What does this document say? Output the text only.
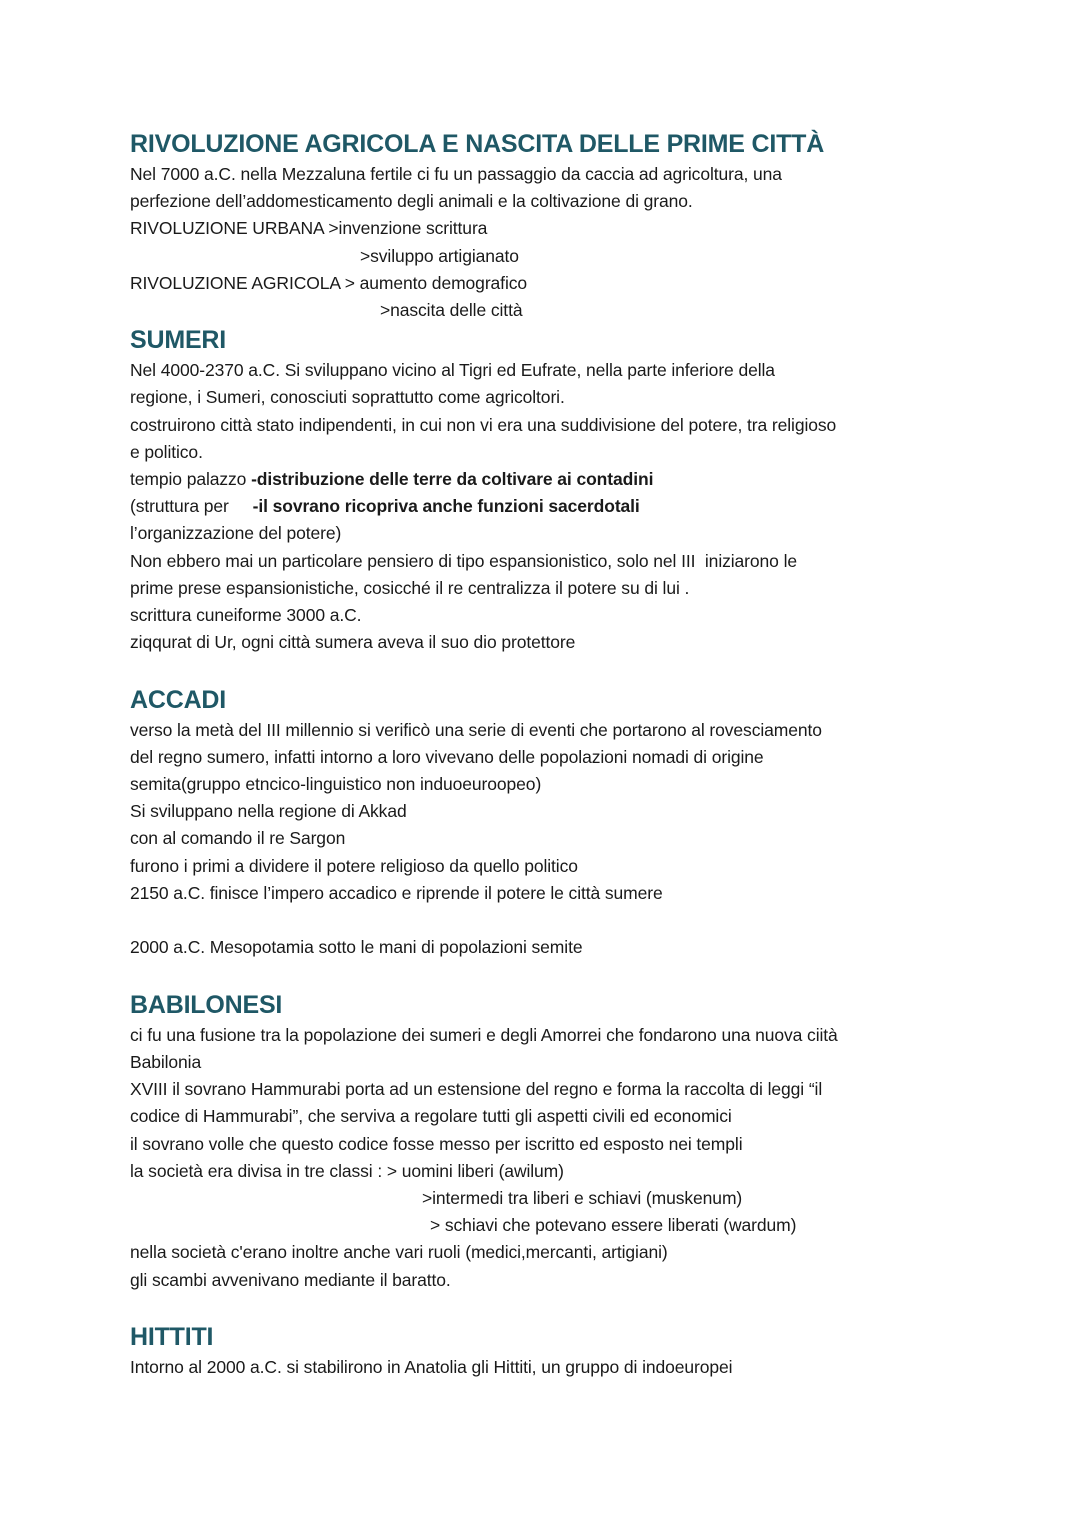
RIVOLUZIONE AGRICOLA E NASCITA DELLE PRIME CITTÀ
Nel 7000 a.C. nella Mezzaluna fertile ci fu un passaggio da caccia ad agricoltura, una
perfezione dell’addomesticamento degli animali e la coltivazione di grano.
RIVOLUZIONE URBANA >invenzione scrittura
>sviluppo artigianato
RIVOLUZIONE AGRICOLA > aumento demografico
>nascita delle città
SUMERI
Nel 4000-2370 a.C. Si sviluppano vicino al Tigri ed Eufrate, nella parte inferiore della
regione, i Sumeri, conosciuti soprattutto come agricoltori.
costruirono città stato indipendenti, in cui non vi era una suddivisione del potere, tra religioso
e politico.
tempio palazzo -distribuzione delle terre da coltivare ai contadini
(struttura per     -il sovrano ricopriva anche funzioni sacerdotali
l’organizzazione del potere)
Non ebbero mai un particolare pensiero di tipo espansionistico, solo nel III  iniziarono le
prime prese espansionistiche, cosicché il re centralizza il potere su di lui .
scrittura cuneiforme 3000 a.C.
ziqqurat di Ur, ogni città sumera aveva il suo dio protettore

ACCADI
verso la metà del III millennio si verificò una serie di eventi che portarono al rovesciamento
del regno sumero, infatti intorno a loro vivevano delle popolazioni nomadi di origine
semita(gruppo etncico-linguistico non induoeuroopeo)
Si sviluppano nella regione di Akkad
con al comando il re Sargon
furono i primi a dividere il potere religioso da quello politico
2150 a.C. finisce l’impero accadico e riprende il potere le città sumere

2000 a.C. Mesopotamia sotto le mani di popolazioni semite

BABILONESI
ci fu una fusione tra la popolazione dei sumeri e degli Amorrei che fondarono una nuova ciità
Babilonia
XVIII il sovrano Hammurabi porta ad un estensione del regno e forma la raccolta di leggi “il
codice di Hammurabi”, che serviva a regolare tutti gli aspetti civili ed economici
il sovrano volle che questo codice fosse messo per iscritto ed esposto nei templi
la società era divisa in tre classi : > uomini liberi (awilum)
>intermedi tra liberi e schiavi (muskenum)
> schiavi che potevano essere liberati (wardum)
nella società c'erano inoltre anche vari ruoli (medici,mercanti, artigiani)
gli scambi avvenivano mediante il baratto.

HITTITI
Intorno al 2000 a.C. si stabilirono in Anatolia gli Hittiti, un gruppo di indoeuropei
